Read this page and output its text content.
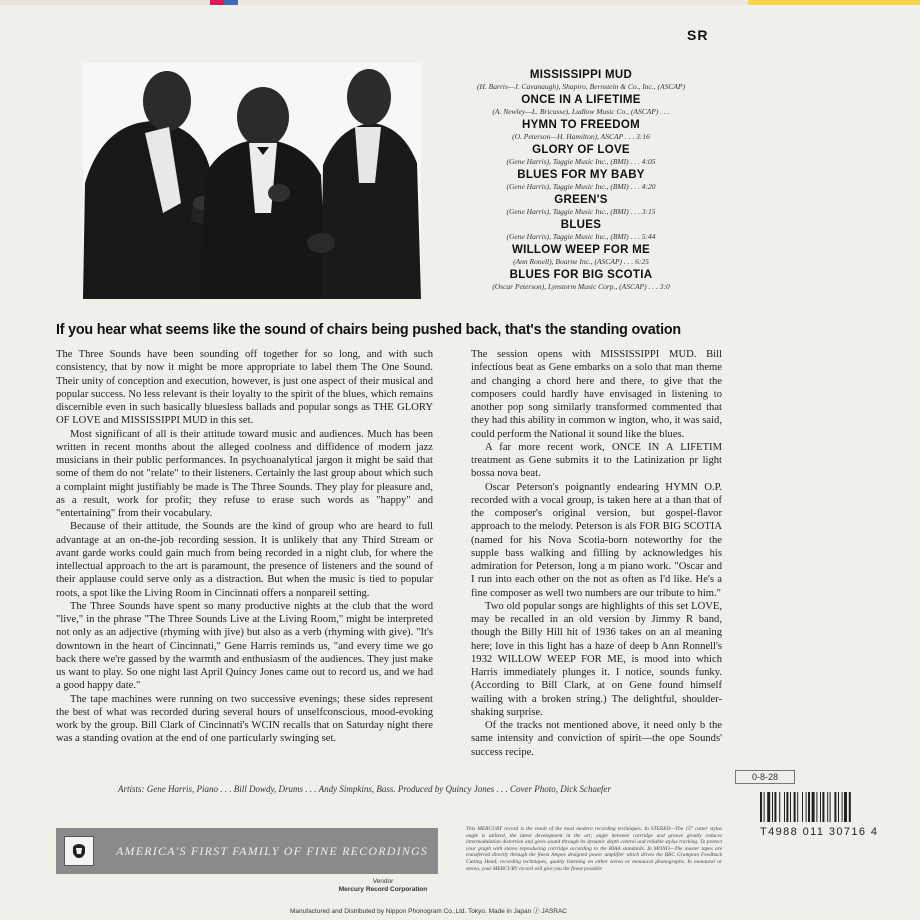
SR
MISSISSIPPI MUD
(H. Barris—J. Cavanaugh), Shapiro, Bernstein & Co., Inc., (ASCAP)
ONCE IN A LIFETIME
(A. Newley—L. Bricusse), Ludlow Music Co., (ASCAP) . . .
HYMN TO FREEDOM
(O. Peterson—H. Hamilton), ASCAP . . . 3:16
GLORY OF LOVE
(Gene Harris), Taggie Music Inc., (BMI) . . . 4:05
BLUES FOR MY BABY
(Gene Harris), Taggie Music Inc., (BMI) . . . 4:20
GREEN'S
(Gene Harris), Taggie Music Inc., (BMI) . . . 3:15
BLUES
(Gene Harris), Taggie Music Inc., (BMI) . . . 5:44
WILLOW WEEP FOR ME
(Ann Ronell), Bourne Inc., (ASCAP) . . . 6:25
BLUES FOR BIG SCOTIA
(Oscar Peterson), Lynstorm Music Corp., (ASCAP) . . . 3:0
If you hear what seems like the sound of chairs being pushed back, that's the standing ovation

The Three Sounds have been sounding off together for so long, and with such consistency, that by now it might be more appropriate to label them The One Sound. Their unity of conception and execution, however, is just one aspect of their musical and popular success. No less relevant is their loyalty to the spirit of the blues, which remains discernible even in such basically bluesless ballads and popular songs as THE GLORY OF LOVE and MISSISSIPPI MUD in this set.

Most significant of all is their attitude toward music and audiences. Much has been written in recent months about the alleged coolness and diffidence of modern jazz musicians in their public performances. In psychoanalytical jargon it might be said that some of them do not "relate" to their listeners. Certainly the last group about which such a complaint might justifiably be made is The Three Sounds. They play for pleasure and, as a result, work for profit; they refuse to erase such words as "happy" and "entertaining" from their vocabulary.

Because of their attitude, the Sounds are the kind of group who are heard to full advantage at an on-the-job recording session. It is unlikely that any Third Stream or avant garde works could gain much from being recorded in a night club, for where the intellectual approach to the art is paramount, the presence of listeners and the sound of their applause could serve only as a distraction. But when the music is tied to popular roots, a spot like the Living Room in Cincinnati offers a nonpareil setting.

The Three Sounds have spent so many productive nights at the club that the word "live," in the phrase "The Three Sounds Live at the Living Room," might be interpreted not only as an adjective (rhyming with jive) but also as a verb (rhyming with give). "It's downtown in the heart of Cincinnati," Gene Harris reminds us, "and every time we go back there we're gassed by the warmth and enthusiasm of the audiences. They just make us want to play. So one night last April Quincy Jones came out to record us, and we had a good happy date."

The tape machines were running on two successive evenings; these sides represent the best of what was recorded during several hours of unselfconscious, mood-evoking work by the group. Bill Clark of Cincinnati's WCIN recalls that on Saturday night there was a standing ovation at the end of one particularly swinging set.

The session opens with MISSISSIPPI MUD. Bill infectious beat as Gene embarks on a solo that man theme and changing a chord here and there, to give that the composers could hardly have envisaged in listening to another pop song similarly transformed commented that they had this ability in common w ington, who, it was said, could perform the National it sound like the blues.

A far more recent work, ONCE IN A LIFETIM treatment as Gene submits it to the Latinization pr light bossa nova beat.

Oscar Peterson's poignantly endearing HYMN O.P. recorded with a vocal group, is taken here at a than that of the composer's original version, but gospel-flavor approach to the melody. Peterson is als FOR BIG SCOTIA (named for his Nova Scotia-born noteworthy for the supple bass walking and filling by acknowledges his admiration for Peterson, long a m piano work. "Oscar and I run into each other on the not as often as I'd like. He's a fine composer as well two numbers are our tribute to him."

Two old popular songs are highlights of this set LOVE, may be recalled in an old version by Jimmy R band, though the Billy Hill hit of 1936 takes on an al meaning here; love in this light has a haze of deep b Ann Ronnell's 1932 WILLOW WEEP FOR ME, is mood into which Harris immediately plunges it. I notice, sounds funky. (According to Bill Clark, at on Gene found himself wailing with a broken string.) The delightful, shoulder-shaking surprise.

Of the tracks not mentioned above, it need only b the same intensity and conviction of spirit—the ope Sounds' success recipe.

Artists: Gene Harris, Piano . . . Bill Dowdy, Drums . . . Andy Simpkins, Bass. Produced by Quincy Jones . . . Cover Photo, Dick Schaefer
AMERICA'S FIRST FAMILY OF FINE RECORDINGS
Vendor
Mercury Record Corporation
This MERCURY record is the result of the most modern recording techniques. In STEREO—The 15° cutter stylus angle is utilized, the latest development in the art; angle between cartridge and groove greatly reduces intermodulation distortion and gives sound through its dynamic depth control and reliable stylus tracking. To protect your graph with stereo reproducing cartridge according to the RIAA standards. In MONO—The master tapes are transferred directly through the finest Ampex designed power amplifier which drives the RBC Grampian Feedback Cutting Head; recording techniques, quality listening on either stereo or monaural phonographs. In monaural or stereo, your MERCURY record will give you the finest possible
Manufactured and Distributed by Nippon Phonogram Co.,Ltd. Tokyo. Made in Japan Ⓙ JASRAC
0-8-28
T4988 011 30716 4
